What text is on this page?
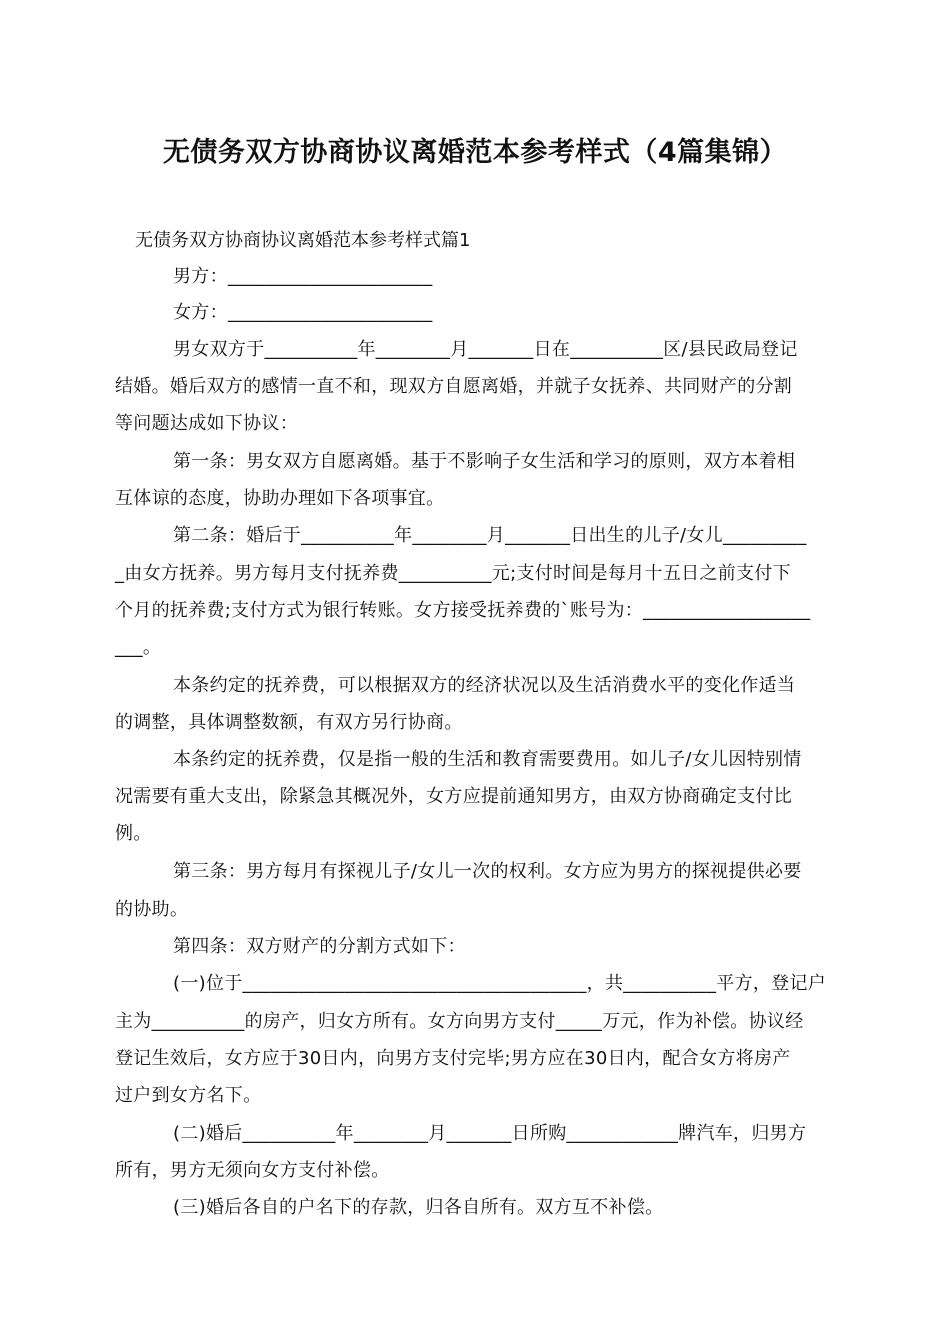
无债务双方协商协议离婚范本参考样式（4篇集锦）
无债务双方协商协议离婚范本参考样式篇1
男方：______________________
女方：______________________
男女双方于__________年________月_______日在__________区/县民政局登记
结婚。婚后双方的感情一直不和，现双方自愿离婚，并就子女抚养、共同财产的分割
等问题达成如下协议：
第一条：男女双方自愿离婚。基于不影响子女生活和学习的原则，双方本着相
互体谅的态度，协助办理如下各项事宜。
第二条：婚后于__________年________月_______日出生的儿子/女儿_________
_由女方抚养。男方每月支付抚养费__________元;支付时间是每月十五日之前支付下
个月的抚养费;支付方式为银行转账。女方接受抚养费的`账号为：__________________
___。
本条约定的抚养费，可以根据双方的经济状况以及生活消费水平的变化作适当
的调整，具体调整数额，有双方另行协商。
本条约定的抚养费，仅是指一般的生活和教育需要费用。如儿子/女儿因特别情
况需要有重大支出，除紧急其概况外，女方应提前通知男方，由双方协商确定支付比
例。
第三条：男方每月有探视儿子/女儿一次的权利。女方应为男方的探视提供必要
的协助。
第四条：双方财产的分割方式如下：
(一)位于_____________________________________，共__________平方，登记户
主为__________的房产，归女方所有。女方向男方支付_____万元，作为补偿。协议经
登记生效后，女方应于30日内，向男方支付完毕;男方应在30日内，配合女方将房产
过户到女方名下。
(二)婚后__________年________月_______日所购____________牌汽车，归男方
所有，男方无须向女方支付补偿。
(三)婚后各自的户名下的存款，归各自所有。双方互不补偿。
